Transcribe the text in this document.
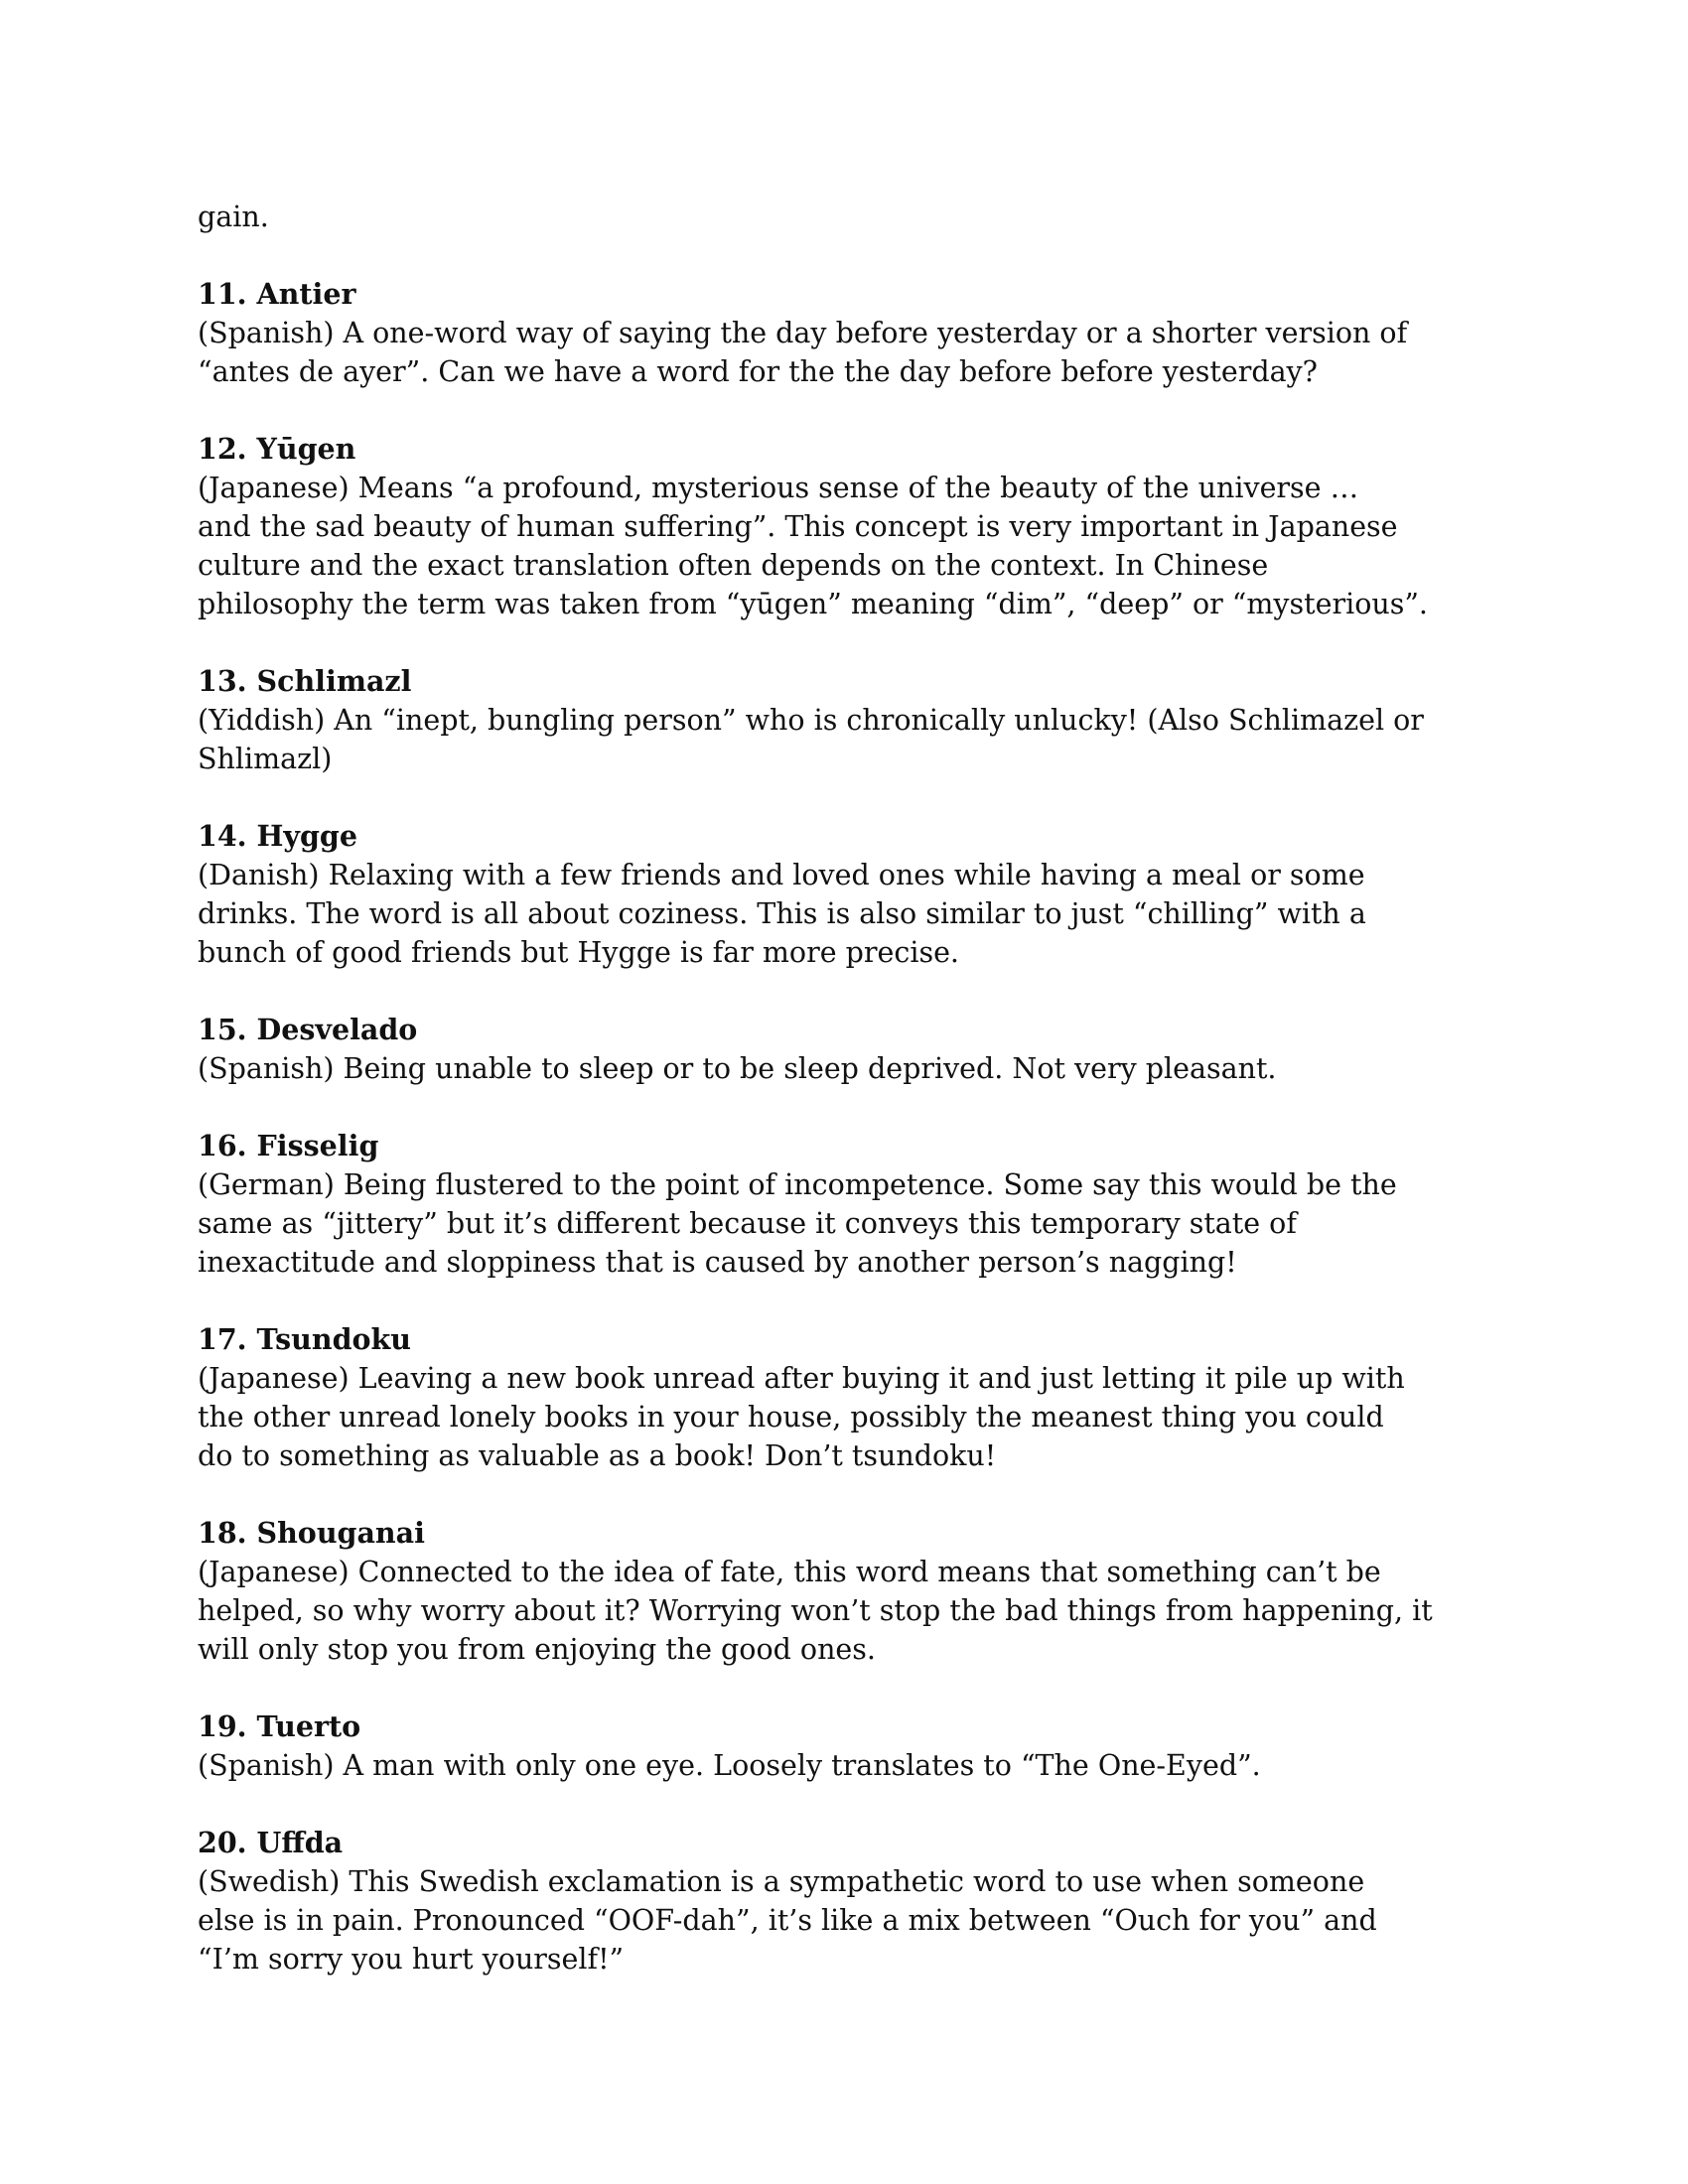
gain.

11. Antier

(Spanish) A one-word way of saying the day before yesterday or a shorter version of
“antes de ayer”. Can we have a word for the the day before before yesterday?

12. Yūgen

(Japanese) Means “a profound, mysterious sense of the beauty of the universe …
and the sad beauty of human suffering”. This concept is very important in Japanese
culture and the exact translation often depends on the context. In Chinese
philosophy the term was taken from “yūgen” meaning “dim”, “deep” or “mysterious”.

13. Schlimazl

(Yiddish) An “inept, bungling person” who is chronically unlucky! (Also Schlimazel or
Shlimazl)

14. Hygge

(Danish) Relaxing with a few friends and loved ones while having a meal or some
drinks. The word is all about coziness. This is also similar to just “chilling” with a
bunch of good friends but Hygge is far more precise.

15. Desvelado

(Spanish) Being unable to sleep or to be sleep deprived. Not very pleasant.

16. Fisselig

(German) Being flustered to the point of incompetence. Some say this would be the
same as “jittery” but it’s different because it conveys this temporary state of
inexactitude and sloppiness that is caused by another person’s nagging!

17. Tsundoku

(Japanese) Leaving a new book unread after buying it and just letting it pile up with
the other unread lonely books in your house, possibly the meanest thing you could
do to something as valuable as a book! Don’t tsundoku!

18. Shouganai

(Japanese) Connected to the idea of fate, this word means that something can’t be
helped, so why worry about it? Worrying won’t stop the bad things from happening, it
will only stop you from enjoying the good ones.

19. Tuerto

(Spanish) A man with only one eye. Loosely translates to “The One-Eyed”.

20. Uffda

(Swedish) This Swedish exclamation is a sympathetic word to use when someone
else is in pain. Pronounced “OOF-dah”, it’s like a mix between “Ouch for you” and
“I’m sorry you hurt yourself!”
